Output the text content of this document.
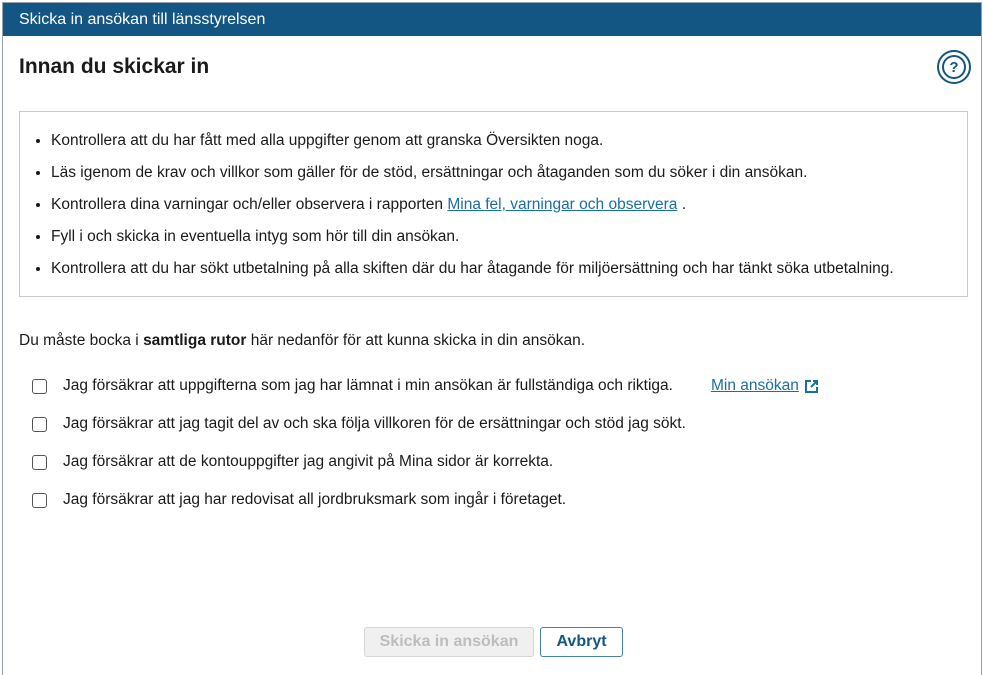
Skicka in ansökan till länsstyrelsen
Innan du skickar in	?
• Kontrollera att du har fått med alla uppgifter genom att granska Översikten noga.
• Läs igenom de krav och villkor som gäller för de stöd, ersättningar och åtaganden som du söker i din ansökan.
• Kontrollera dina varningar och/eller observera i rapporten Mina fel, varningar och observera .
• Fyll i och skicka in eventuella intyg som hör till din ansökan.
• Kontrollera att du har sökt utbetalning på alla skiften där du har åtagande för miljöersättning och har tänkt söka utbetalning.
Du måste bocka i samtliga rutor här nedanför för att kunna skicka in din ansökan.
Jag försäkrar att uppgifterna som jag har lämnat i min ansökan är fullständiga och riktiga. Min ansökan
Jag försäkrar att jag tagit del av och ska följa villkoren för de ersättningar och stöd jag sökt.
Jag försäkrar att de kontouppgifter jag angivit på Mina sidor är korrekta.
Jag försäkrar att jag har redovisat all jordbruksmark som ingår i företaget.
Skicka in ansökan	Avbryt
